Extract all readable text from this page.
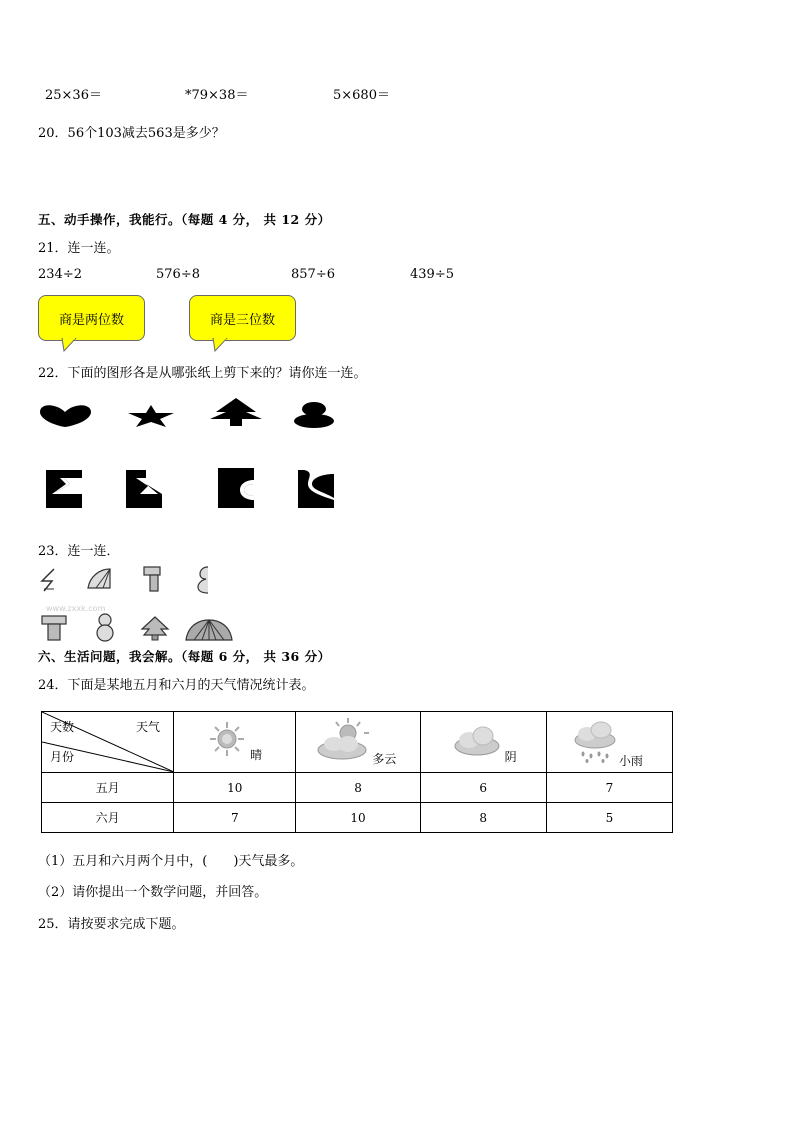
25×36＝	*79×38＝	5×680＝
20．56个103减去563是多少？
五、动手操作，我能行。（每题 4 分， 共 12 分）
21．连一连。
234÷2	576÷8	857÷6	439÷5
商是两位数	商是三位数
22．下面的图形各是从哪张纸上剪下来的？请你连一连。
23．连一连．
www.zxxk.com
六、生活问题，我会解。（每题 6 分， 共 36 分）
24．下面是某地五月和六月的天气情况统计表。
天数 天气
月份	晴	多云	阴	小雨

五月	10	8	6	7
六月	7	10	8	5
（1）五月和六月两个月中，(　　)天气最多。
（2）请你提出一个数学问题，并回答。
25．请按要求完成下题。
